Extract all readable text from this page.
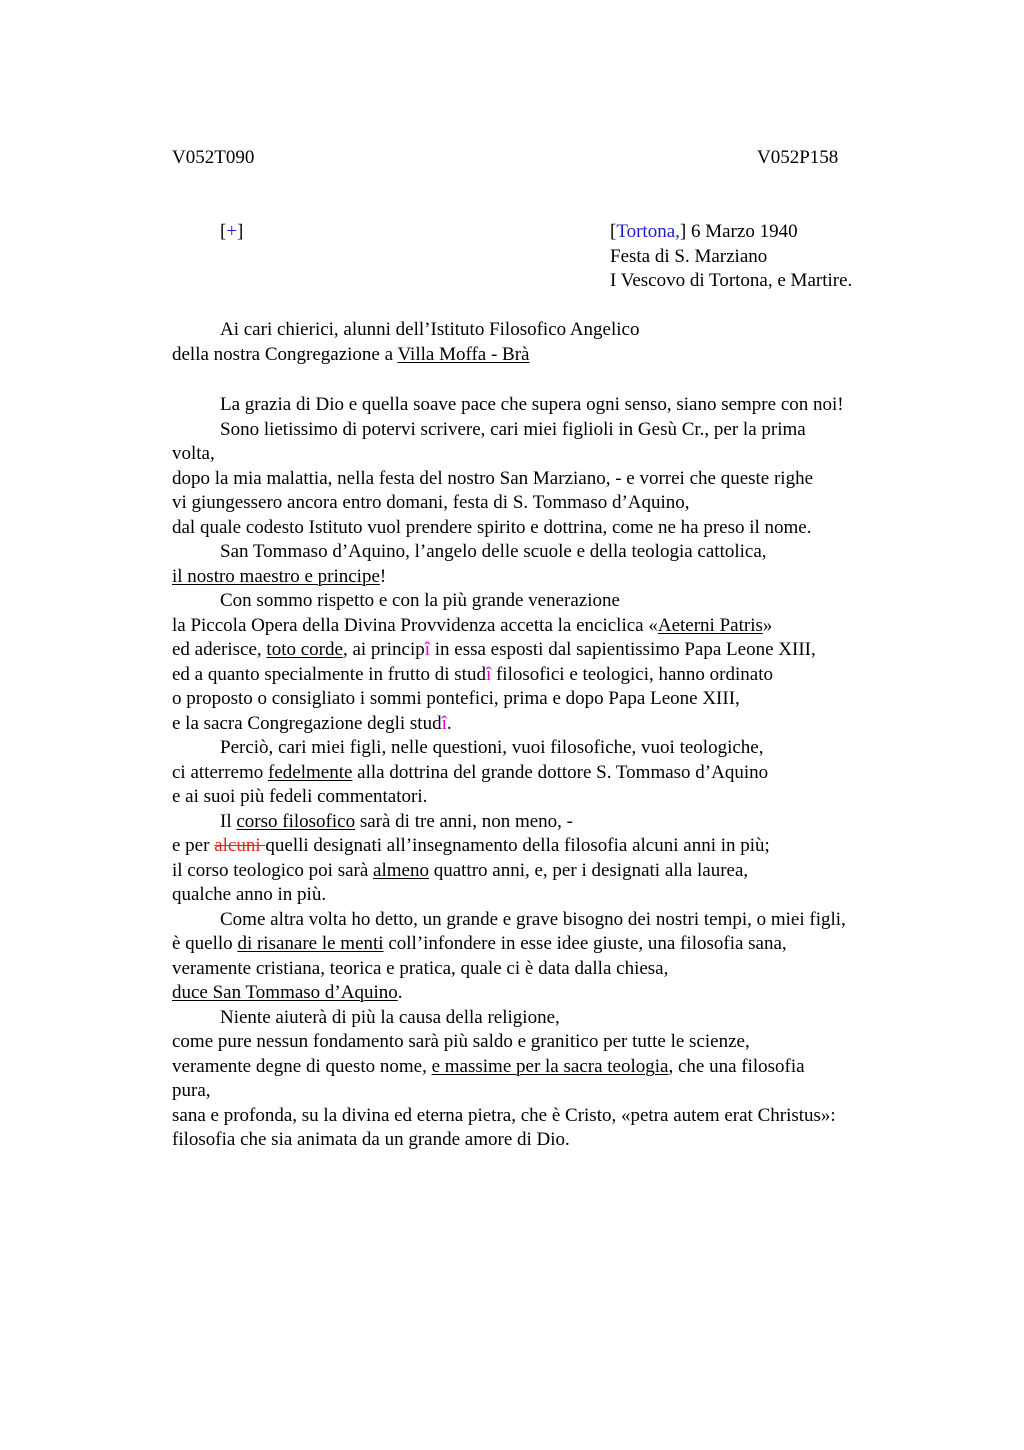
V052T090	V052P158
[+]	[Tortona,] 6 Marzo 1940
Festa di S. Marziano
I Vescovo di Tortona, e Martire.
Ai cari chierici, alunni dell’Istituto Filosofico Angelico
della nostra Congregazione a Villa Moffa - Brà
La grazia di Dio e quella soave pace che supera ogni senso, siano sempre con noi!
Sono lietissimo di potervi scrivere, cari miei figlioli in Gesù Cr., per la prima
volta,
dopo la mia malattia, nella festa del nostro San Marziano, - e vorrei che queste righe
vi giungessero ancora entro domani, festa di S. Tommaso d’Aquino,
dal quale codesto Istituto vuol prendere spirito e dottrina, come ne ha preso il nome.
San Tommaso d’Aquino, l’angelo delle scuole e della teologia cattolica,
il nostro maestro e principe!
Con sommo rispetto e con la più grande venerazione
la Piccola Opera della Divina Provvidenza accetta la enciclica «Aeterni Patris»
ed aderisce, toto corde, ai principî in essa esposti dal sapientissimo Papa Leone XIII,
ed a quanto specialmente in frutto di studî filosofici e teologici, hanno ordinato
o proposto o consigliato i sommi pontefici, prima e dopo Papa Leone XIII,
e la sacra Congregazione degli studî.
Perciò, cari miei figli, nelle questioni, vuoi filosofiche, vuoi teologiche,
ci atterremo fedelmente alla dottrina del grande dottore S. Tommaso d’Aquino
e ai suoi più fedeli commentatori.
Il corso filosofico sarà di tre anni, non meno, -
e per alcuni quelli designati all’insegnamento della filosofia alcuni anni in più;
il corso teologico poi sarà almeno quattro anni, e, per i designati alla laurea,
qualche anno in più.
Come altra volta ho detto, un grande e grave bisogno dei nostri tempi, o miei figli,
è quello di risanare le menti coll’infondere in esse idee giuste, una filosofia sana,
veramente cristiana, teorica e pratica, quale ci è data dalla chiesa,
duce San Tommaso d’Aquino.
Niente aiuterà di più la causa della religione,
come pure nessun fondamento sarà più saldo e granitico per tutte le scienze,
veramente degne di questo nome, e massime per la sacra teologia, che una filosofia
pura,
sana e profonda, su la divina ed eterna pietra, che è Cristo, «petra autem erat Christus»:
filosofia che sia animata da un grande amore di Dio.
